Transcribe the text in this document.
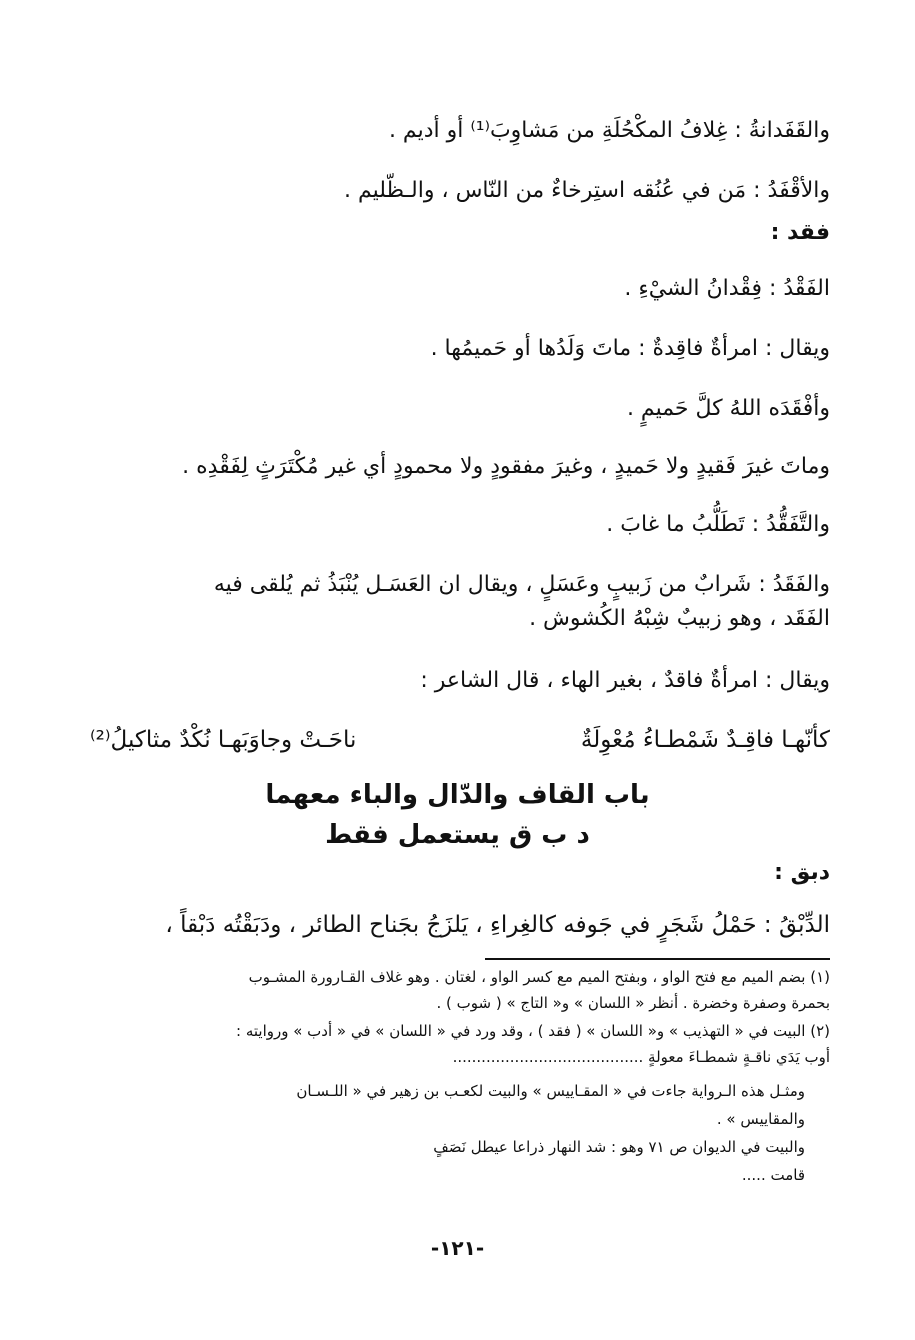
والقَفَدانةُ : غِلافُ المكْحُلَةِ من مَشاوِبَ⁽¹⁾ أو أديم .
والأقْفَدُ : مَن في عُنُقه استِرخاءٌ من النّاس ، والـظّليم .
فقد :
الفَقْدُ : فِقْدانُ الشيْءِ .
ويقال : امرأةٌ فاقِدةٌ : ماتَ وَلَدُها أو حَميمُها .
وأفْقَدَه اللهُ كلَّ حَميمٍ .
وماتَ غيرَ فَقيدٍ ولا حَميدٍ ، وغيرَ مفقودٍ ولا محمودٍ أي غير مُكْتَرَثٍ لِفَقْدِه .
والتَّفَقُّدُ : تَطَلُّبُ ما غابَ .
والفَقَدُ : شَرابٌ من زَبيبٍ وعَسَلٍ ، ويقال ان العَسَـل يُنْبَذُ ثم يُلقى فيه
الفَقَد ، وهو زبيبٌ شِبْهُ الكُشوش .
ويقال : امرأةٌ فاقدٌ ، بغير الهاء ، قال الشاعر :
كأنّهـا فاقِـدٌ شَمْطـاءُ مُعْوِلَةٌ
ناحَـتْ وجاوَبَهـا نُكْدٌ مثاكيلُ⁽²⁾
باب القاف والدّال والباء معهما
د ب ق يستعمل فقط
دبق :
الدِّبْقُ : حَمْلُ شَجَرٍ في جَوفه كالغِراءِ ، يَلزَجُ بجَناح الطائر ، ودَبَقْتُه دَبْقاً ،
(١) بضم الميم مع فتح الواو ، وبفتح الميم مع كسر الواو ، لغتان . وهو غلاف القـارورة المشـوب
بحمرة وصفرة وخضرة . أنظر « اللسان » و« التاج » ( شوب ) .
(٢) البيت في « التهذيب » و« اللسان » ( فقد ) ، وقد ورد في « اللسان » في « أدب » وروايته :
أوب يَدَي ناقـةٍ شمطـاءَ معولةٍ ........................................
ومثـل هذه الـرواية جاءت في « المقـاييس » والبيت لكعـب بن زهير في « اللـسـان
والمقاييس » .
والبيت في الديوان ص ٧١ وهو : شد النهار ذراعا عيطل نَصَفٍ
قامت .....
-١٢١-
